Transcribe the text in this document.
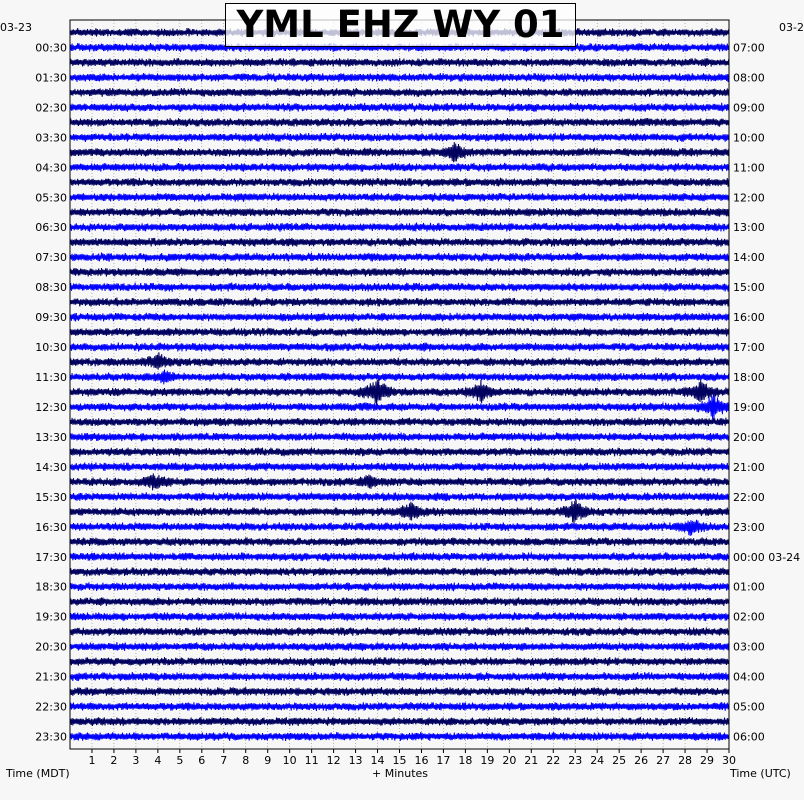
1 2 3 4 5 6 7 8 9 10 11 12 13 14 15 16 17 18 19 20 21 22 23 24 25 26 27 28 29 30
00:30
01:30
02:30
03:30
04:30
05:30
06:30
07:30
08:30
09:30
10:30
11:30
12:30
13:30
14:30
15:30
16:30
17:30
18:30
19:30
20:30
21:30
22:30
23:30
07:00
08:00
09:00
10:00
11:00
12:00
13:00
14:00
15:00
16:00
17:00
18:00
19:00
20:00
21:00
22:00
23:00
00:00 03-24
01:00
02:00
03:00
04:00
05:00
06:00
YML EHZ WY 01
03-23	03-2
Time (MDT)	+ Minutes	Time (UTC)
